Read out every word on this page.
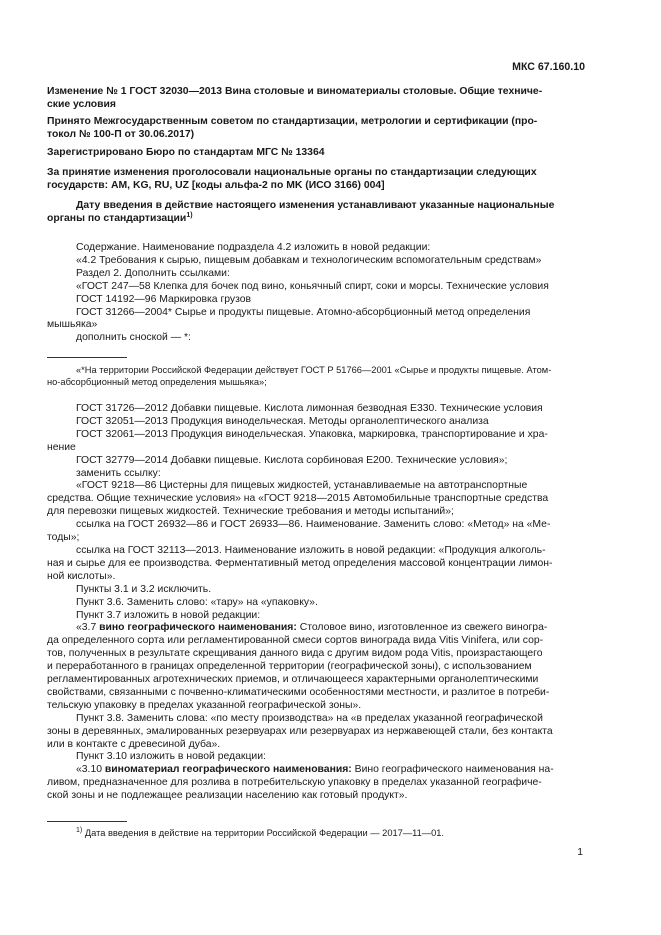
МКС 67.160.10
Изменение № 1 ГОСТ 32030—2013 Вина столовые и виноматериалы столовые. Общие техниче-
ские условия
Принято Межгосударственным советом по стандартизации, метрологии и сертификации (про-
токол № 100-П от 30.06.2017)
Зарегистрировано Бюро по стандартам МГС № 13364
За принятие изменения проголосовали национальные органы по стандартизации следующих
государств: AM, KG, RU, UZ [коды альфа-2 по MK (ИСО 3166) 004]
Дату введения в действие настоящего изменения устанавливают указанные национальные
органы по стандартизации$^{1)}$
Содержание. Наименование подраздела 4.2 изложить в новой редакции:
«4.2 Требования к сырью, пищевым добавкам и технологическим вспомогательным средствам»
Раздел 2. Дополнить ссылками:
«ГОСТ 247—58 Клепка для бочек под вино, коньячный спирт, соки и морсы. Технические условия
ГОСТ 14192—96 Маркировка грузов
ГОСТ 31266—2004* Сырье и продукты пищевые. Атомно-абсорбционный метод определения
мышьяка»
дополнить сноской — *:
«*На территории Российской Федерации действует ГОСТ Р 51766—2001 «Сырье и продукты пищевые. Атом-
но-абсорбционный метод определения мышьяка»;
ГОСТ 31726—2012 Добавки пищевые. Кислота лимонная безводная Е330. Технические условия
ГОСТ 32051—2013 Продукция винодельческая. Методы органолептического анализа
ГОСТ 32061—2013 Продукция винодельческая. Упаковка, маркировка, транспортирование и хра-
нение
ГОСТ 32779—2014 Добавки пищевые. Кислота сорбиновая Е200. Технические условия»;
заменить ссылку:
«ГОСТ 9218—86 Цистерны для пищевых жидкостей, устанавливаемые на автотранспортные
средства. Общие технические условия» на «ГОСТ 9218—2015 Автомобильные транспортные средства
для перевозки пищевых жидкостей. Технические требования и методы испытаний»;
ссылка на ГОСТ 26932—86 и ГОСТ 26933—86. Наименование. Заменить слово: «Метод» на «Ме-
тоды»;
ссылка на ГОСТ 32113—2013. Наименование изложить в новой редакции: «Продукция алкоголь-
ная и сырье для ее производства. Ферментативный метод определения массовой концентрации лимон-
ной кислоты».
Пункты 3.1 и 3.2 исключить.
Пункт 3.6. Заменить слово: «тару» на «упаковку».
Пункт 3.7 изложить в новой редакции:
«3.7 вино географического наименования: Столовое вино, изготовленное из свежего виногра-
да определенного сорта или регламентированной смеси сортов винограда вида Vitis Vinifera, или сор-
тов, полученных в результате скрещивания данного вида с другим видом рода Vitis, произрастающего
и переработанного в границах определенной территории (географической зоны), с использованием
регламентированных агротехнических приемов, и отличающееся характерными органолептическими
свойствами, связанными с почвенно-климатическими особенностями местности, и разлитое в потреби-
тельскую упаковку в пределах указанной географической зоны».
Пункт 3.8. Заменить слова: «по месту производства» на «в пределах указанной географической
зоны в деревянных, эмалированных резервуарах или резервуарах из нержавеющей стали, без контакта
или в контакте с древесиной дуба».
Пункт 3.10 изложить в новой редакции:
«3.10 виноматериал географического наименования: Вино географического наименования на-
ливом, предназначенное для розлива в потребительскую упаковку в пределах указанной географиче-
ской зоны и не подлежащее реализации населению как готовый продукт».
$^{1)}$ Дата введения в действие на территории Российской Федерации — 2017—11—01.
1
